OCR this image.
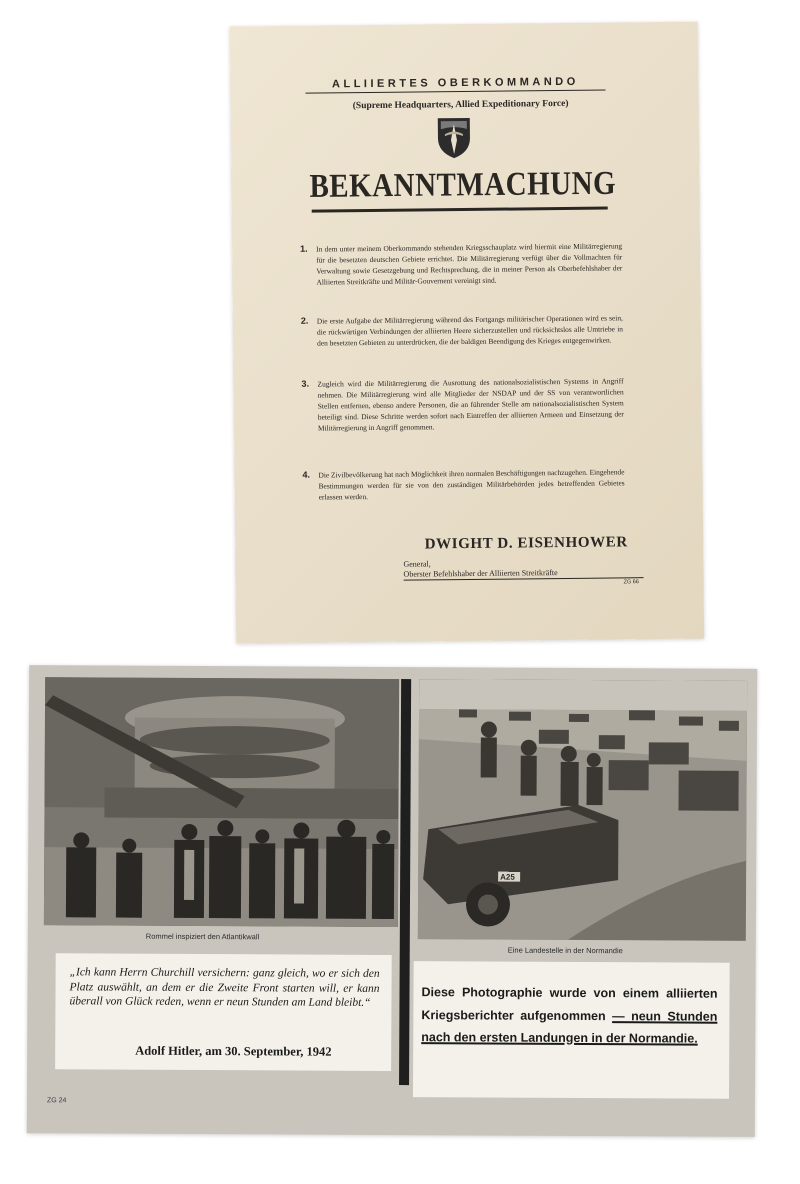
ALLIIERTES OBERKOMMANDO
(Supreme Headquarters, Allied Expeditionary Force)
BEKANNTMACHUNG
1. In dem unter meinem Oberkommando stehenden Kriegsschauplatz wird hiermit eine Militärregierung für die besetzten deutschen Gebiete errichtet. Die Militärregierung verfügt über die Vollmachten für Verwaltung sowie Gesetzgebung und Rechtsprechung, die in meiner Person als Oberbefehlshaber der Alliierten Streitkräfte und Militär-Gouvernent vereinigt sind.
2. Die erste Aufgabe der Militärregierung während des Fortgangs militärischer Operationen wird es sein, die rückwärtigen Verbindungen der alliierten Heere sicherzustellen und rücksichtslos alle Umtriebe in den besetzten Gebieten zu unterdrücken, die der baldigen Beendigung des Krieges entgegenwirken.
3. Zugleich wird die Militärregierung die Ausrottung des nationalsozialistischen Systems in Angriff nehmen. Die Militärregierung wird alle Mitglieder der NSDAP und der SS von verantwortlichen Stellen entfernen, ebenso andere Personen, die an führender Stelle am nationalsozialistischen System beteiligt sind. Diese Schritte werden sofort nach Eintreffen der alliierten Armeen und Einsetzung der Militärregierung in Angriff genommen.
4. Die Zivilbevölkerung hat nach Möglichkeit ihren normalen Beschäftigungen nachzugehen. Eingehende Bestimmungen werden für sie von den zuständigen Militärbehörden jedes betreffenden Gebietes erlassen werden.
DWIGHT D. EISENHOWER
General,
Oberster Befehlshaber der Alliierten Streitkräfte
ZG 66
Rommel inspiziert den Atlantikwall
A25
Eine Landestelle in der Normandie
„Ich kann Herrn Churchill versichern: ganz gleich, wo er sich den Platz auswählt, an dem er die Zweite Front starten will, er kann überall von Glück reden, wenn er neun Stunden am Land bleibt.“
Adolf Hitler, am 30. September, 1942
Diese Photographie wurde von einem alliierten Kriegsberichter aufgenommen — neun Stunden nach den ersten Landungen in der Normandie.
ZG 24
